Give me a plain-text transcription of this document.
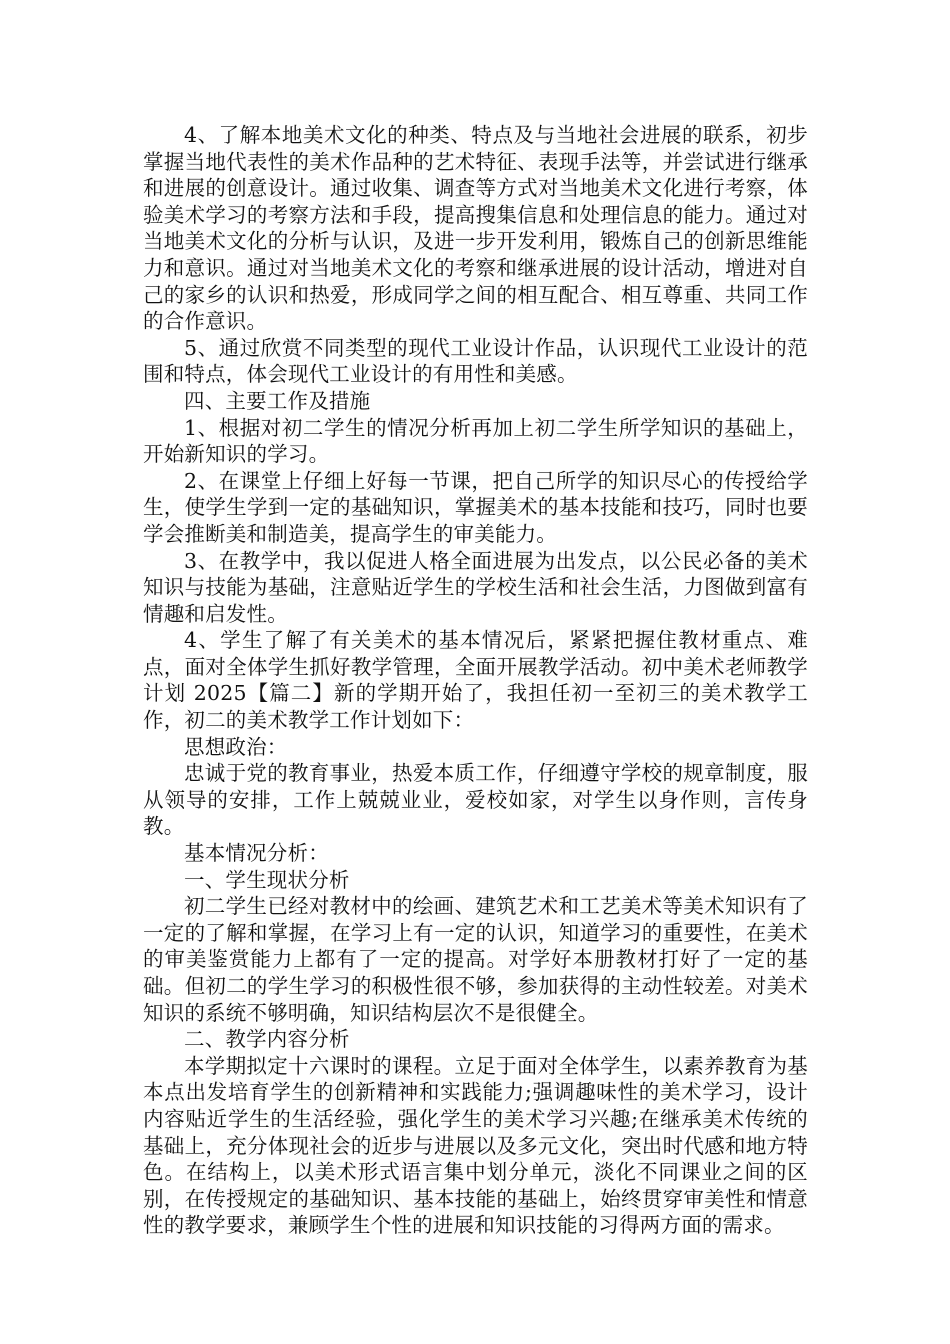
4、了解本地美术文化的种类、特点及与当地社会进展的联系，初步掌握当地代表性的美术作品种的艺术特征、表现手法等，并尝试进行继承和进展的创意设计。通过收集、调查等方式对当地美术文化进行考察，体验美术学习的考察方法和手段，提高搜集信息和处理信息的能力。通过对当地美术文化的分析与认识，及进一步开发利用，锻炼自己的创新思维能力和意识。通过对当地美术文化的考察和继承进展的设计活动，增进对自己的家乡的认识和热爱，形成同学之间的相互配合、相互尊重、共同工作的合作意识。

5、通过欣赏不同类型的现代工业设计作品，认识现代工业设计的范围和特点，体会现代工业设计的有用性和美感。

四、主要工作及措施

1、根据对初二学生的情况分析再加上初二学生所学知识的基础上，开始新知识的学习。

2、在课堂上仔细上好每一节课，把自己所学的知识尽心的传授给学生，使学生学到一定的基础知识，掌握美术的基本技能和技巧，同时也要学会推断美和制造美，提高学生的审美能力。

3、在教学中，我以促进人格全面进展为出发点，以公民必备的美术知识与技能为基础，注意贴近学生的学校生活和社会生活，力图做到富有情趣和启发性。

4、学生了解了有关美术的基本情况后，紧紧把握住教材重点、难点，面对全体学生抓好教学管理，全面开展教学活动。初中美术老师教学计划 2025【篇二】新的学期开始了，我担任初一至初三的美术教学工作，初二的美术教学工作计划如下：

思想政治：

忠诚于党的教育事业，热爱本质工作，仔细遵守学校的规章制度，服从领导的安排，工作上兢兢业业，爱校如家，对学生以身作则，言传身教。

基本情况分析：

一、学生现状分析

初二学生已经对教材中的绘画、建筑艺术和工艺美术等美术知识有了一定的了解和掌握，在学习上有一定的认识，知道学习的重要性，在美术的审美鉴赏能力上都有了一定的提高。对学好本册教材打好了一定的基础。但初二的学生学习的积极性很不够，参加获得的主动性较差。对美术知识的系统不够明确，知识结构层次不是很健全。

二、教学内容分析

本学期拟定十六课时的课程。立足于面对全体学生，以素养教育为基本点出发培育学生的创新精神和实践能力;强调趣味性的美术学习，设计内容贴近学生的生活经验，强化学生的美术学习兴趣;在继承美术传统的基础上，充分体现社会的近步与进展以及多元文化，突出时代感和地方特色。在结构上，以美术形式语言集中划分单元，淡化不同课业之间的区别，在传授规定的基础知识、基本技能的基础上，始终贯穿审美性和情意性的教学要求，兼顾学生个性的进展和知识技能的习得两方面的需求。
